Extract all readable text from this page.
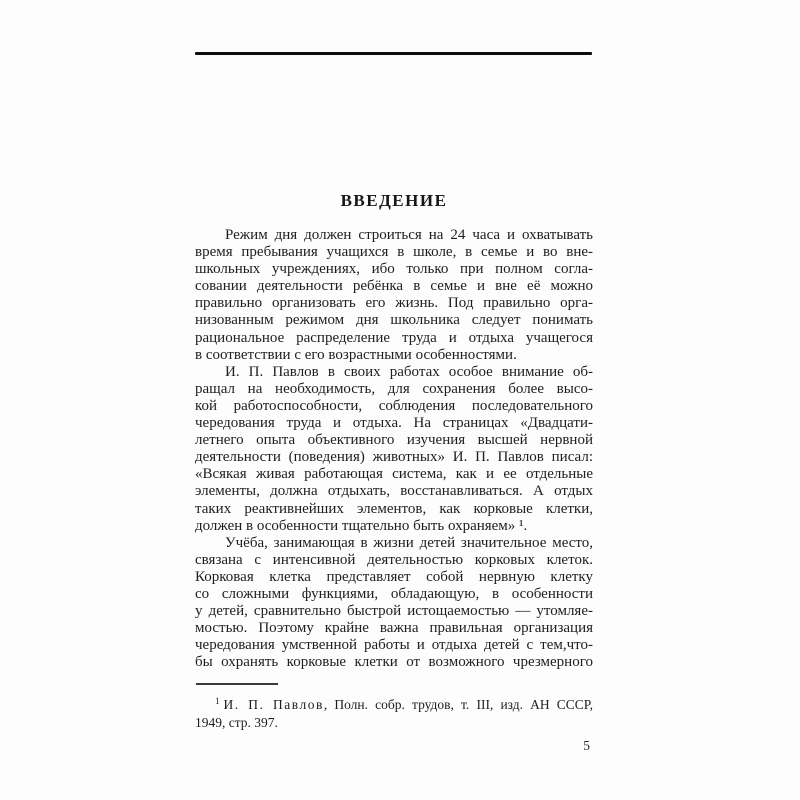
ВВЕДЕНИЕ
Режим дня должен строиться на 24 часа и охватывать
время пребывания учащихся в школе, в семье и во вне-
школьных учреждениях, ибо только при полном согла-
совании деятельности ребёнка в семье и вне её можно
правильно организовать его жизнь. Под правильно орга-
низованным режимом дня школьника следует понимать
рациональное распределение труда и отдыха учащегося
в соответствии с его возрастными особенностями.
И. П. Павлов в своих работах особое внимание об-
ращал на необходимость, для сохранения более высо-
кой работоспособности, соблюдения последовательного
чередования труда и отдыха. На страницах «Двадцати-
летнего опыта объективного изучения высшей нервной
деятельности (поведения) животных» И. П. Павлов писал:
«Всякая живая работающая система, как и ее отдельные
элементы, должна отдыхать, восстанавливаться. А отдых
таких реактивнейших элементов, как корковые клетки,
должен в особенности тщательно быть охраняем» ¹.
Учёба, занимающая в жизни детей значительное место,
связана с интенсивной деятельностью корковых клеток.
Корковая клетка представляет собой нервную клетку
со сложными функциями, обладающую, в особенности
у детей, сравнительно быстрой истощаемостью — утомляе-
мостью. Поэтому крайне важна правильная организация
чередования умственной работы и отдыха детей с тем,что-
бы охранять корковые клетки от возможного чрезмерного
$^1$ И. П. Павлов, Полн. собр. трудов, т. III, изд. АН СССР,
1949, стр. 397.
5
